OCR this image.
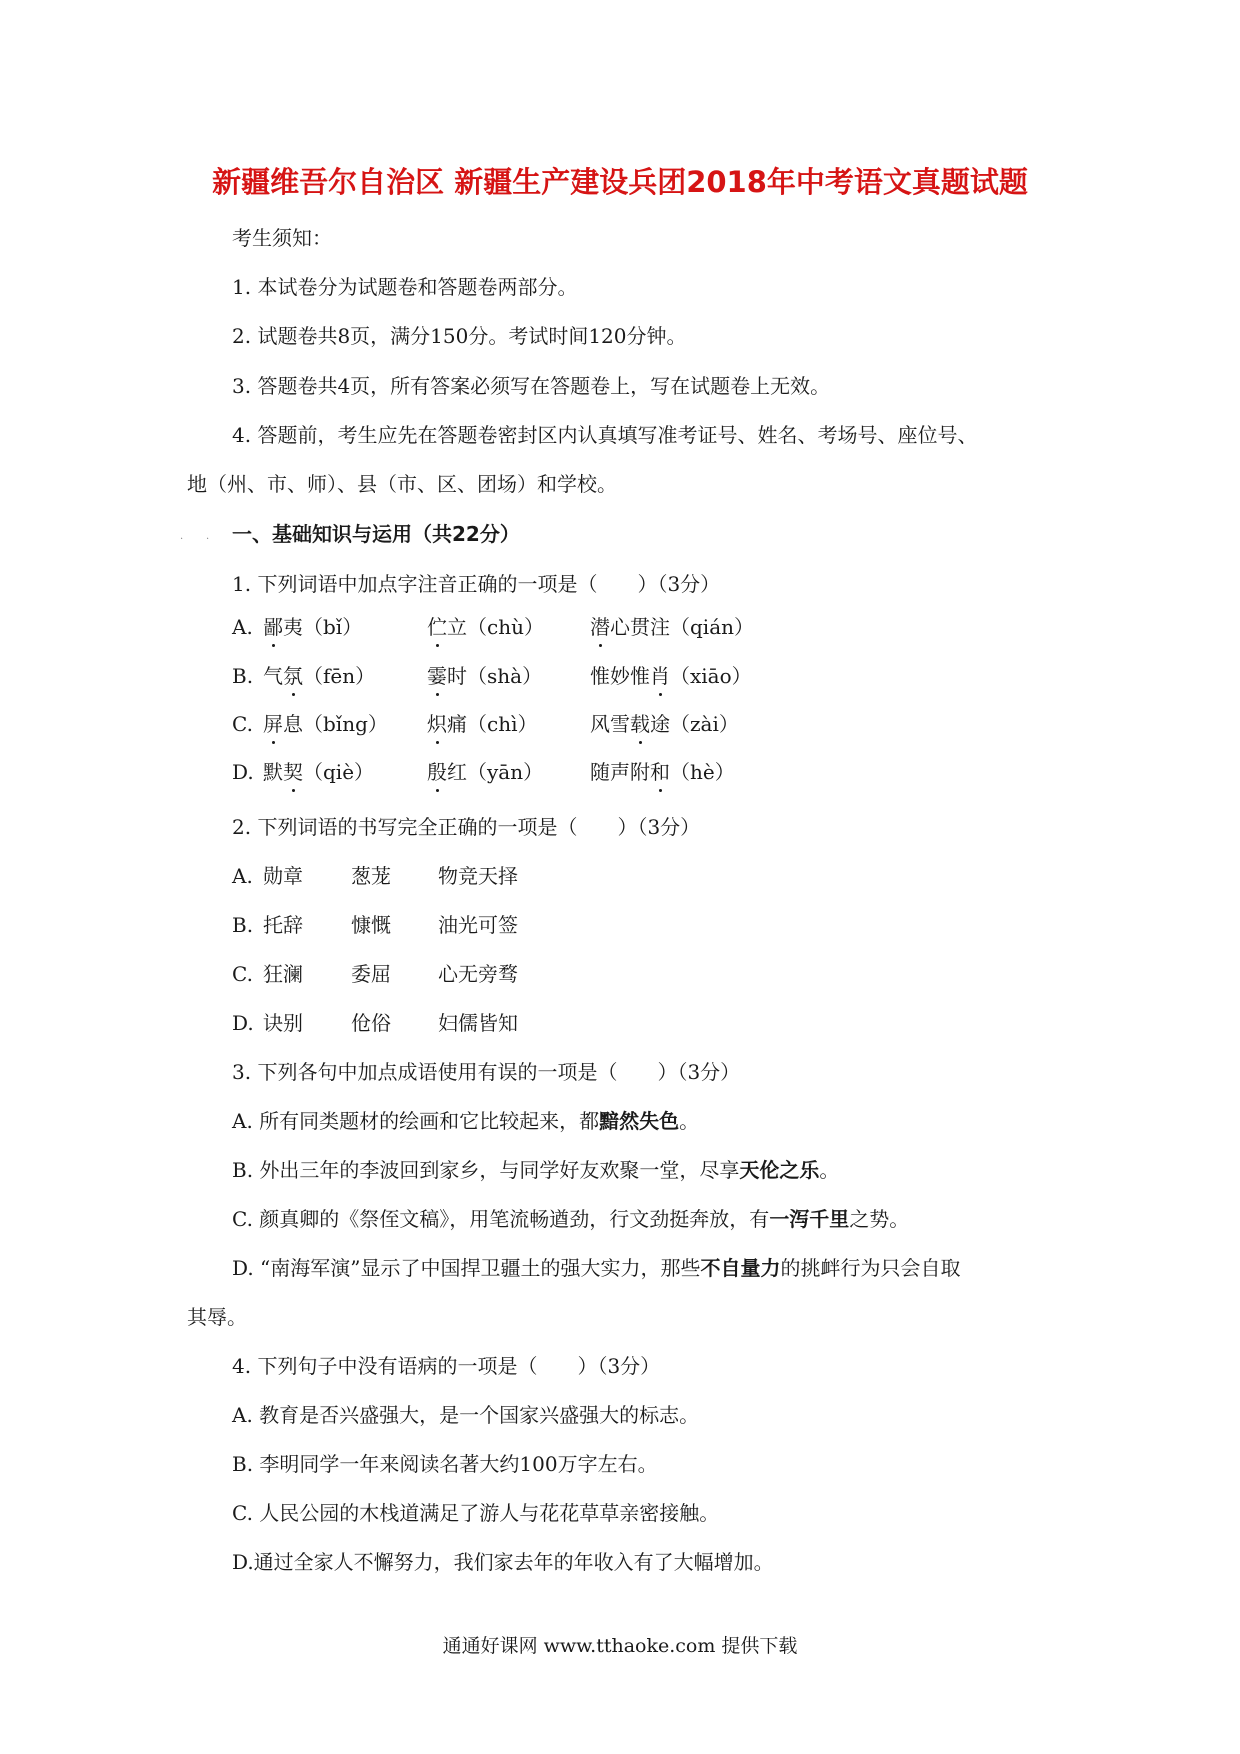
新疆维吾尔自治区 新疆生产建设兵团2018年中考语文真题试题
考生须知：
1. 本试卷分为试题卷和答题卷两部分。
2. 试题卷共8页，满分150分。考试时间120分钟。
3. 答题卷共4页，所有答案必须写在答题卷上，写在试题卷上无效。
4. 答题前，考生应先在答题卷密封区内认真填写准考证号、姓名、考场号、座位号、
地（州、市、师）、县（市、区、团场）和学校。
. . 一、基础知识与运用（共22分）
1. 下列词语中加点字注音正确的一项是（　　）（3分）
A. 鄙夷（bǐ）	伫立（chù） 潜心贯注（qián）
B. 气氛（fēn）	霎时（shà） 惟妙惟肖（xiāo）
C. 屏息（bǐng） 炽痛（chì）	风雪载途（zài）
D. 默契（qiè）	殷红（yān） 随声附和（hè）
2. 下列词语的书写完全正确的一项是（　　）（3分）
A. 勋章 葱茏 物竞天择
B. 托辞 慷慨 油光可签
C. 狂澜 委屈 心无旁骛
D. 诀别 伧俗 妇儒皆知
3. 下列各句中加点成语使用有误的一项是（　　）（3分）
A. 所有同类题材的绘画和它比较起来，都黯然失色。
B. 外出三年的李波回到家乡，与同学好友欢聚一堂，尽享天伦之乐。
C. 颜真卿的《祭侄文稿》，用笔流畅遒劲，行文劲挺奔放，有一泻千里之势。
D. “南海军演”显示了中国捍卫疆土的强大实力，那些不自量力的挑衅行为只会自取
其辱。
4. 下列句子中没有语病的一项是（　　）（3分）
A. 教育是否兴盛强大，是一个国家兴盛强大的标志。
B. 李明同学一年来阅读名著大约100万字左右。
C. 人民公园的木栈道满足了游人与花花草草亲密接触。
D.通过全家人不懈努力，我们家去年的年收入有了大幅增加。
通通好课网 www.tthaoke.com 提供下载
